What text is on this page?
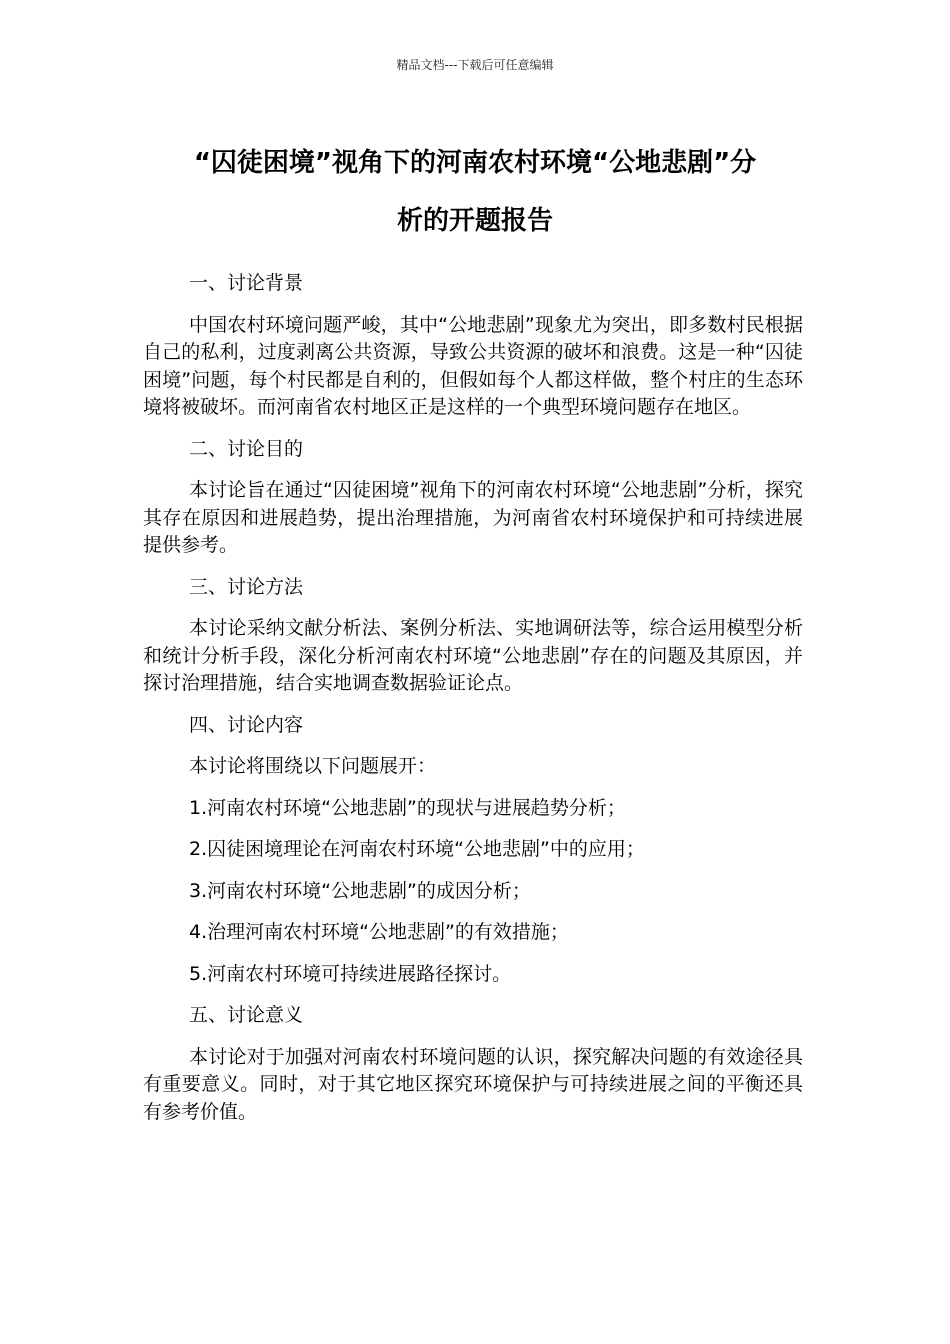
精品文档---下载后可任意编辑
“囚徒困境”视角下的河南农村环境“公地悲剧”分
析的开题报告
一、讨论背景
中国农村环境问题严峻，其中“公地悲剧”现象尤为突出，即多数村民根据自己的私利，过度剥离公共资源，导致公共资源的破坏和浪费。这是一种“囚徒困境”问题，每个村民都是自利的，但假如每个人都这样做，整个村庄的生态环境将被破坏。而河南省农村地区正是这样的一个典型环境问题存在地区。
二、讨论目的
本讨论旨在通过“囚徒困境”视角下的河南农村环境“公地悲剧”分析，探究其存在原因和进展趋势，提出治理措施，为河南省农村环境保护和可持续进展提供参考。
三、讨论方法
本讨论采纳文献分析法、案例分析法、实地调研法等，综合运用模型分析和统计分析手段，深化分析河南农村环境“公地悲剧”存在的问题及其原因，并探讨治理措施，结合实地调查数据验证论点。
四、讨论内容
本讨论将围绕以下问题展开：
1.河南农村环境“公地悲剧”的现状与进展趋势分析；
2.囚徒困境理论在河南农村环境“公地悲剧”中的应用；
3.河南农村环境“公地悲剧”的成因分析；
4.治理河南农村环境“公地悲剧”的有效措施；
5.河南农村环境可持续进展路径探讨。
五、讨论意义
本讨论对于加强对河南农村环境问题的认识，探究解决问题的有效途径具有重要意义。同时，对于其它地区探究环境保护与可持续进展之间的平衡还具有参考价值。
